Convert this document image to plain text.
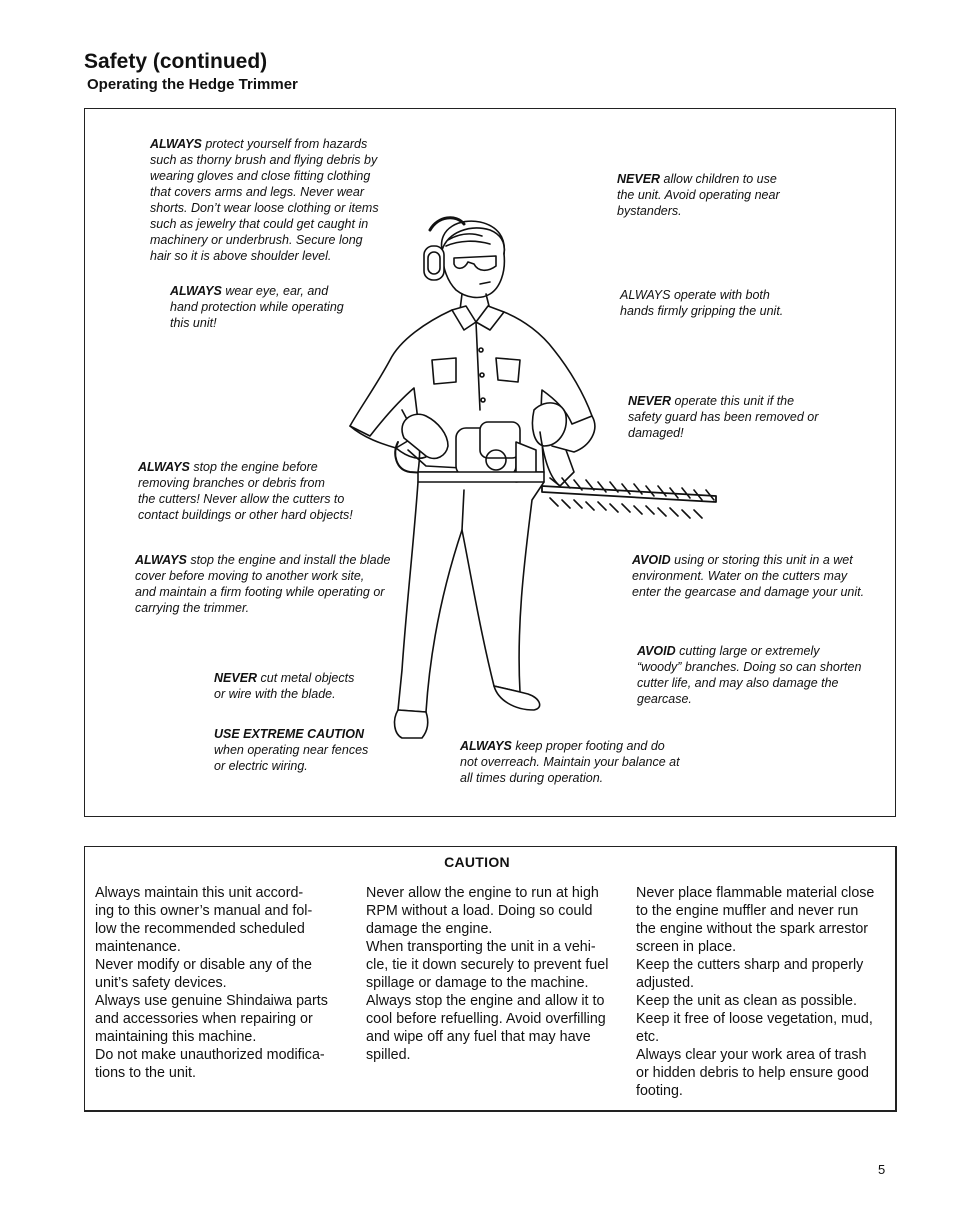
Safety (continued)
Operating the Hedge Trimmer
ALWAYS protect yourself from hazards
such as thorny brush and flying debris by
wearing gloves and close fitting clothing
that covers arms and legs. Never wear
shorts. Don’t wear loose clothing or items
such as jewelry that could get caught in
machinery or underbrush. Secure long
hair so it is above shoulder level.
ALWAYS wear eye, ear, and
hand protection while operating
this unit!
NEVER allow children to use
the unit. Avoid operating near
bystanders.
ALWAYS operate with both
hands firmly gripping the unit.
NEVER operate this unit if the
safety guard has been removed or
damaged!
ALWAYS stop the engine before
removing branches or debris from
the cutters! Never allow the cutters to
contact buildings or other hard objects!
ALWAYS stop the engine and install the blade
cover before moving to another work site,
and maintain a firm footing while operating or
carrying the trimmer.
AVOID using or storing this unit in a wet
environment. Water on the cutters may
enter the gearcase and damage your unit.
AVOID cutting large or extremely
“woody” branches. Doing so can shorten
cutter life, and may also damage the
gearcase.
NEVER cut metal objects
or wire with the blade.
USE EXTREME CAUTION
when operating near fences
or electric wiring.
ALWAYS keep proper footing and do
not overreach. Maintain your balance at
all times during operation.
CAUTION
Always maintain this unit accord-
ing to this owner’s manual and fol-
low the recommended scheduled
maintenance.
Never modify or disable any of the
unit’s safety devices.
Always use genuine Shindaiwa parts
and accessories when repairing or
maintaining this machine.
Do not make unauthorized modifica-
tions to the unit.
Never allow the engine to run at high
RPM without a load. Doing so could
damage the engine.
When transporting the unit in a vehi-
cle, tie it down securely to prevent fuel
spillage or damage to the machine.
Always stop the engine and allow it to
cool before refuelling. Avoid overfilling
and wipe off any fuel that may have
spilled.
Never place flammable material close
to the engine muffler and never run
the engine without the spark arrestor
screen in place.
Keep the cutters sharp and properly
adjusted.
Keep the unit as clean as possible.
Keep it free of loose vegetation, mud,
etc.
Always clear your work area of trash
or hidden debris to help ensure good
footing.
5
